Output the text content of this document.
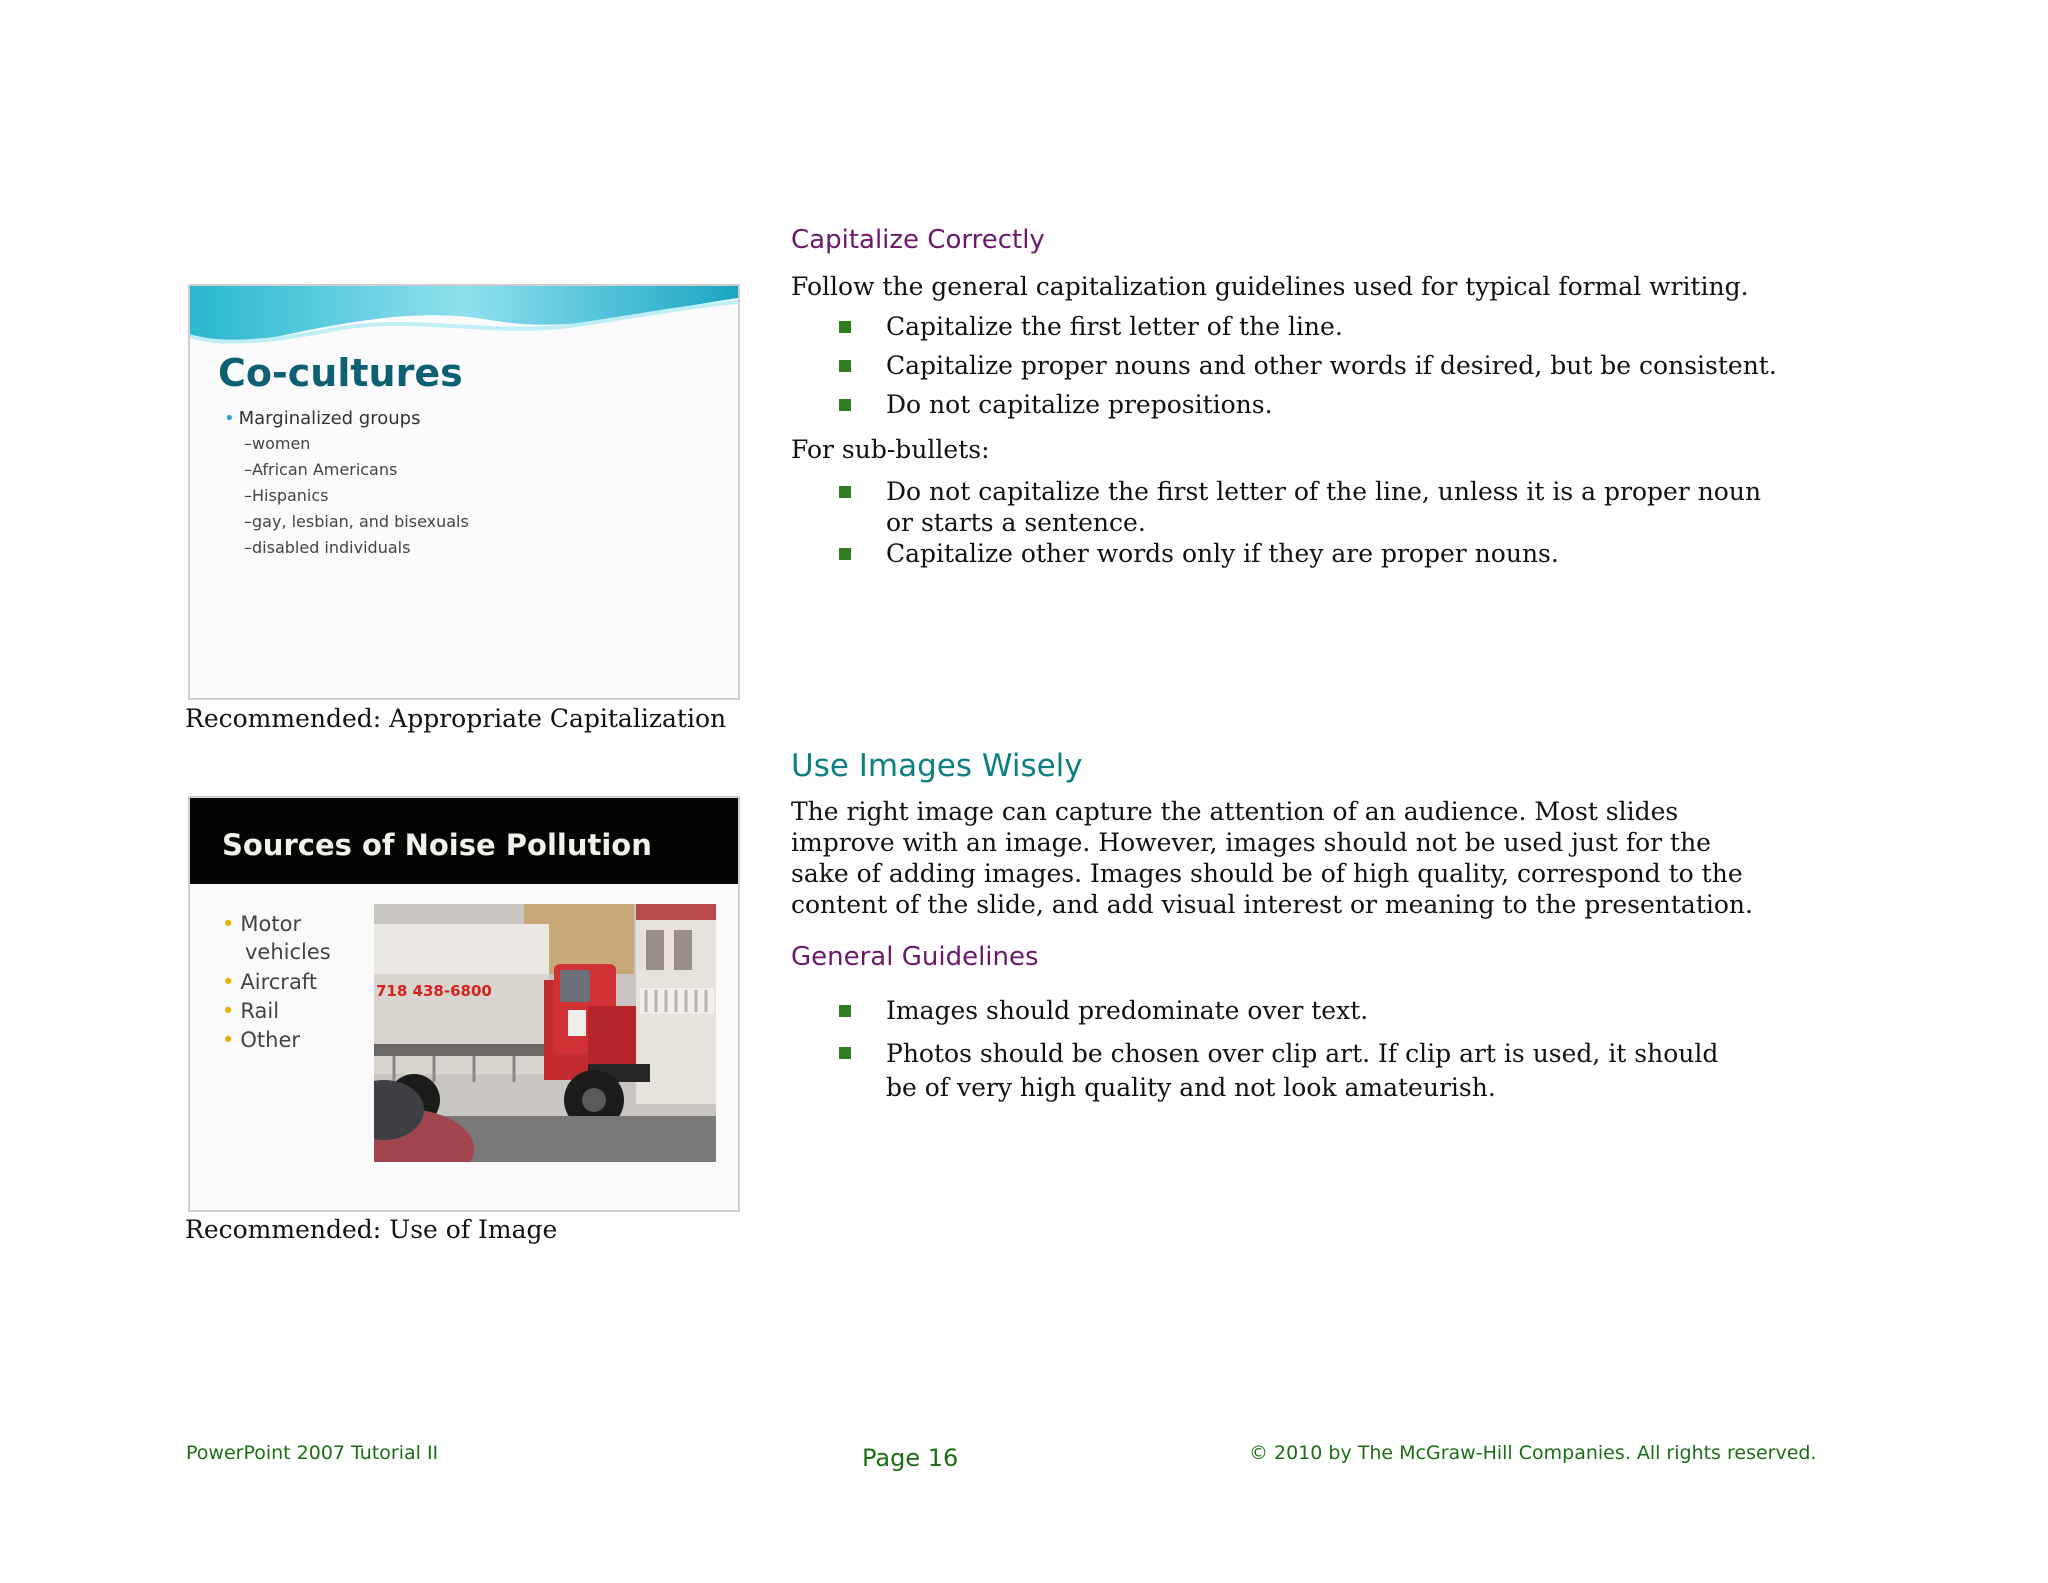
Co-cultures
• Marginalized groups
–women
–African Americans
–Hispanics
–gay, lesbian, and bisexuals
–disabled individuals
Recommended: Appropriate Capitalization
Capitalize Correctly
Follow the general capitalization guidelines used for typical formal writing.
Capitalize the first letter of the line.
Capitalize proper nouns and other words if desired, but be consistent.
Do not capitalize prepositions.
For sub-bullets:
Do not capitalize the first letter of the line, unless it is a proper noun or starts a sentence.
Capitalize other words only if they are proper nouns.
Sources of Noise Pollution
• Motor
vehicles
• Aircraft
• Rail
• Other
718 438-6800
Recommended: Use of Image
Use Images Wisely
The right image can capture the attention of an audience. Most slides improve with an image. However, images should not be used just for the sake of adding images. Images should be of high quality, correspond to the content of the slide, and add visual interest or meaning to the presentation.
General Guidelines
Images should predominate over text.
Photos should be chosen over clip art. If clip art is used, it should be of very high quality and not look amateurish.
PowerPoint 2007 Tutorial II	Page 16	© 2010 by The McGraw-Hill Companies. All rights reserved.
